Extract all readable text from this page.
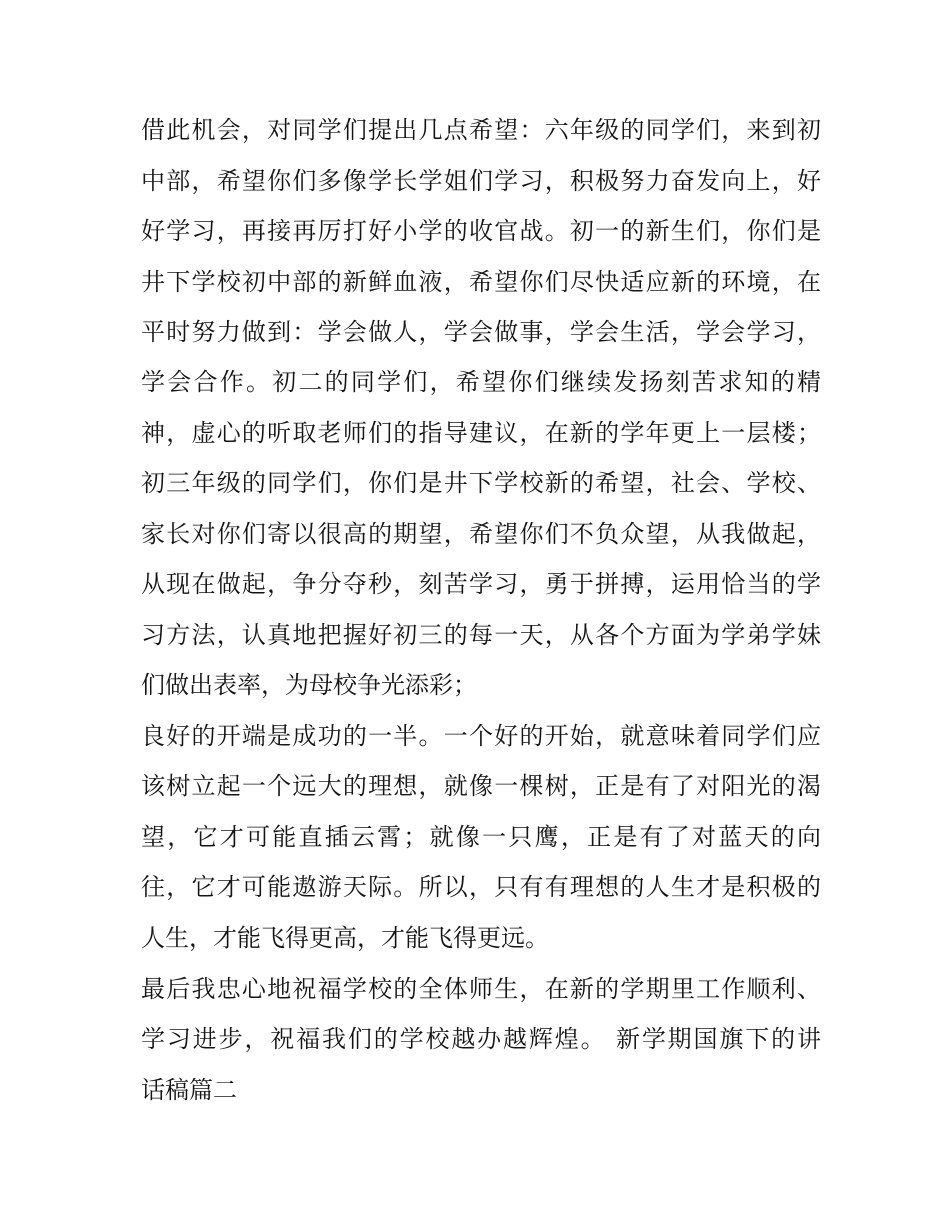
借此机会，对同学们提出几点希望：六年级的同学们，来到初
中部，希望你们多像学长学姐们学习，积极努力奋发向上，好
好学习，再接再厉打好小学的收官战。初一的新生们，你们是
井下学校初中部的新鲜血液，希望你们尽快适应新的环境，在
平时努力做到：学会做人，学会做事，学会生活，学会学习，
学会合作。初二的同学们，希望你们继续发扬刻苦求知的精
神，虚心的听取老师们的指导建议，在新的学年更上一层楼；
初三年级的同学们，你们是井下学校新的希望，社会、学校、
家长对你们寄以很高的期望，希望你们不负众望，从我做起，
从现在做起，争分夺秒，刻苦学习，勇于拼搏，运用恰当的学
习方法，认真地把握好初三的每一天，从各个方面为学弟学妹
们做出表率，为母校争光添彩；
良好的开端是成功的一半。一个好的开始，就意味着同学们应
该树立起一个远大的理想，就像一棵树，正是有了对阳光的渴
望，它才可能直插云霄；就像一只鹰，正是有了对蓝天的向
往，它才可能遨游天际。所以，只有有理想的人生才是积极的
人生，才能飞得更高，才能飞得更远。
最后我忠心地祝福学校的全体师生，在新的学期里工作顺利、
学习进步，祝福我们的学校越办越辉煌。 新学期国旗下的讲
话稿篇二
